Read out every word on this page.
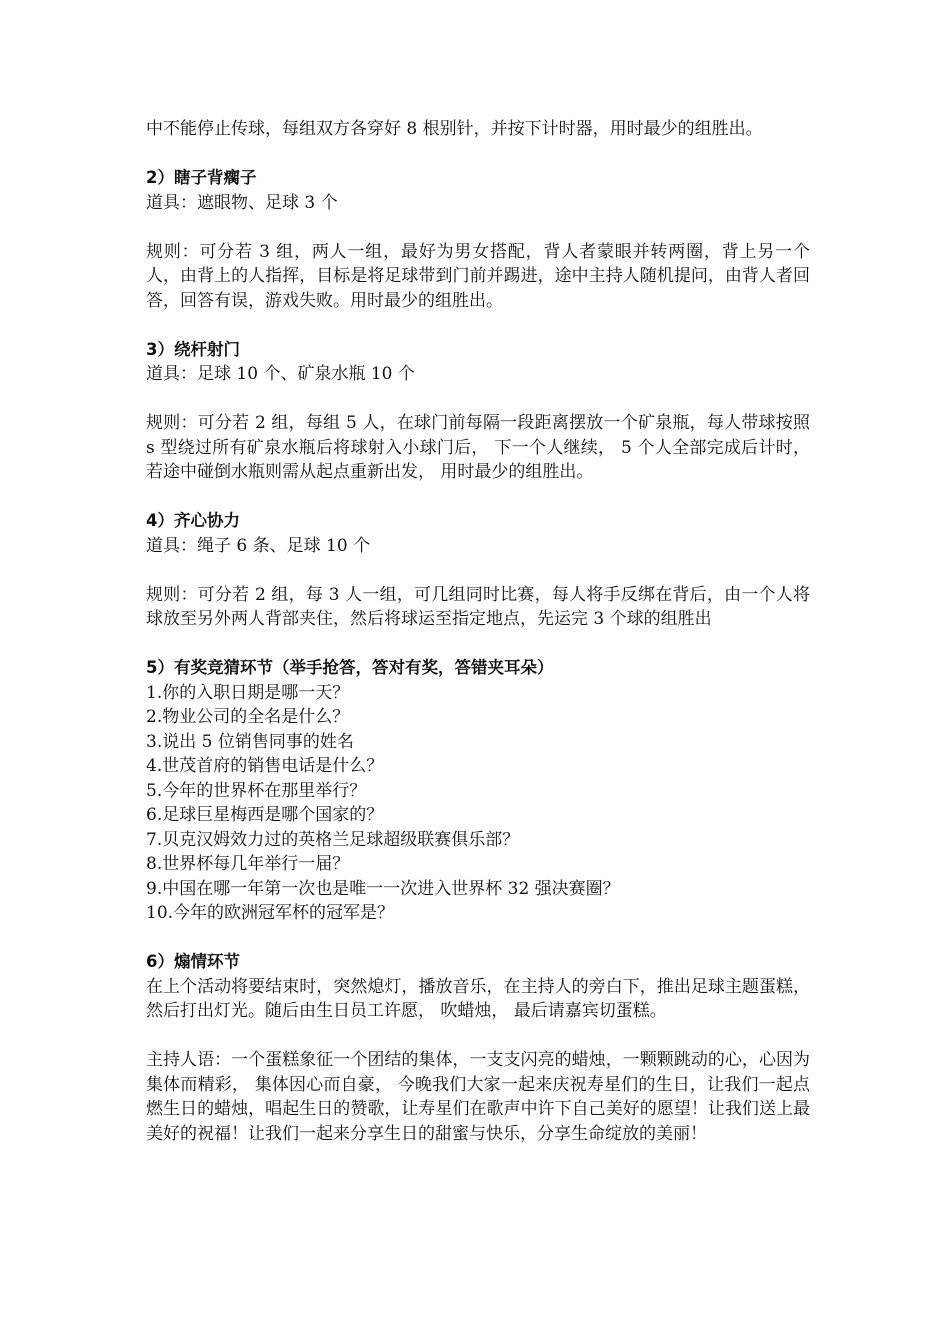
中不能停止传球，每组双方各穿好 8 根别针，并按下计时器，用时最少的组胜出。

2）瞎子背瘸子

道具：遮眼物、足球 3 个

规则：可分若 3 组，两人一组，最好为男女搭配，背人者蒙眼并转两圈，背上另一个人，由背上的人指挥，目标是将足球带到门前并踢进，途中主持人随机提问，由背人者回答，回答有误，游戏失败。用时最少的组胜出。

3）绕杆射门

道具：足球 10 个、矿泉水瓶 10 个

规则：可分若 2 组，每组 5 人，在球门前每隔一段距离摆放一个矿泉瓶，每人带球按照 s 型绕过所有矿泉水瓶后将球射入小球门后， 下一个人继续， 5 个人全部完成后计时， 若途中碰倒水瓶则需从起点重新出发， 用时最少的组胜出。

4）齐心协力

道具：绳子 6 条、足球 10 个

规则：可分若 2 组，每 3 人一组，可几组同时比赛，每人将手反绑在背后，由一个人将球放至另外两人背部夹住，然后将球运至指定地点，先运完 3 个球的组胜出

5）有奖竞猜环节（举手抢答，答对有奖，答错夹耳朵）

1.你的入职日期是哪一天？
2.物业公司的全名是什么？
3.说出 5 位销售同事的姓名
4.世茂首府的销售电话是什么？
5.今年的世界杯在那里举行？
6.足球巨星梅西是哪个国家的？
7.贝克汉姆效力过的英格兰足球超级联赛俱乐部？
8.世界杯每几年举行一届？
9.中国在哪一年第一次也是唯一一次进入世界杯 32 强决赛圈？
10.今年的欧洲冠军杯的冠军是？

6）煽情环节

在上个活动将要结束时，突然熄灯，播放音乐，在主持人的旁白下，推出足球主题蛋糕， 然后打出灯光。随后由生日员工许愿， 吹蜡烛， 最后请嘉宾切蛋糕。

主持人语：一个蛋糕象征一个团结的集体，一支支闪亮的蜡烛，一颗颗跳动的心，心因为集体而精彩， 集体因心而自豪， 今晚我们大家一起来庆祝寿星们的生日，让我们一起点燃生日的蜡烛，唱起生日的赞歌，让寿星们在歌声中许下自己美好的愿望！让我们送上最美好的祝福！让我们一起来分享生日的甜蜜与快乐，分享生命绽放的美丽！
